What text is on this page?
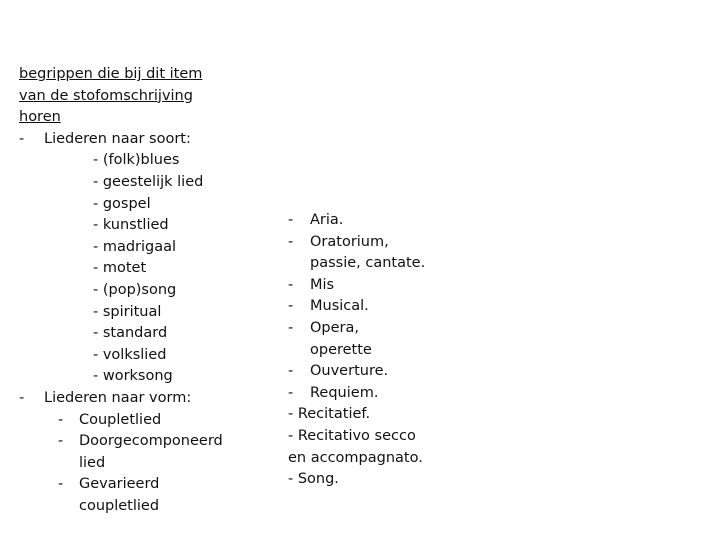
begrippen die bij dit item
van de stofomschrijving
horen
- Liederen naar soort:
- (folk)blues
- geestelijk lied
- gospel
- kunstlied
- madrigaal
- motet
- (pop)song
- spiritual
- standard
- volkslied
- worksong
- Liederen naar vorm:
- Coupletlied
- Doorgecomponeerd
lied
- Gevarieerd
coupletlied
- Aria.
- Oratorium,
passie, cantate.
- Mis
- Musical.
- Opera,
operette
- Ouverture.
- Requiem.
- Recitatief.
- Recitativo secco
en accompagnato.
- Song.
